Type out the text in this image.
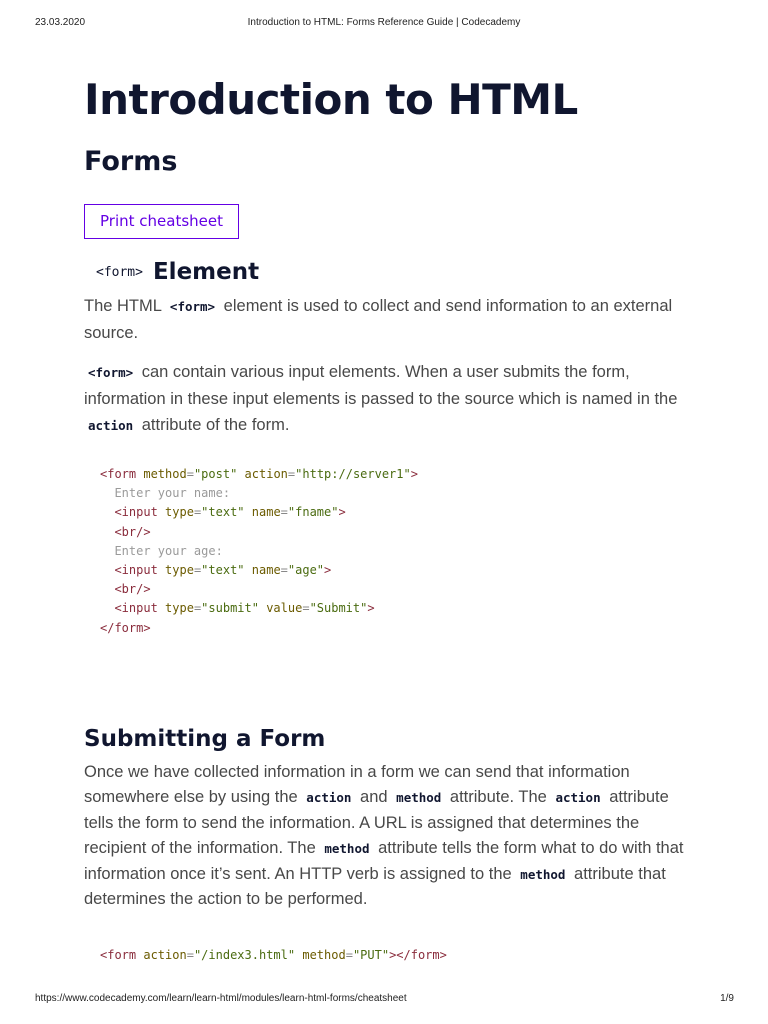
23.03.2020	Introduction to HTML: Forms Reference Guide | Codecademy
Introduction to HTML
Forms
Print cheatsheet
<form> Element

The HTML <form> element is used to collect and send information to an external source.

<form> can contain various input elements. When a user submits the form, information in these input elements is passed to the source which is named in the action attribute of the form.

<form method="post" action="http://server1">
Enter your name:
<input type="text" name="fname">
<br/>
Enter your age:
<input type="text" name="age">
<br/>
<input type="submit" value="Submit">
</form>
Submitting a Form

Once we have collected information in a form we can send that information somewhere else by using the action and method attribute. The action attribute tells the form to send the information. A URL is assigned that determines the recipient of the information. The method attribute tells the form what to do with that information once it’s sent. An HTTP verb is assigned to the method attribute that determines the action to be performed.

<form action="/index3.html" method="PUT"></form>
https://www.codecademy.com/learn/learn-html/modules/learn-html-forms/cheatsheet	1/9
